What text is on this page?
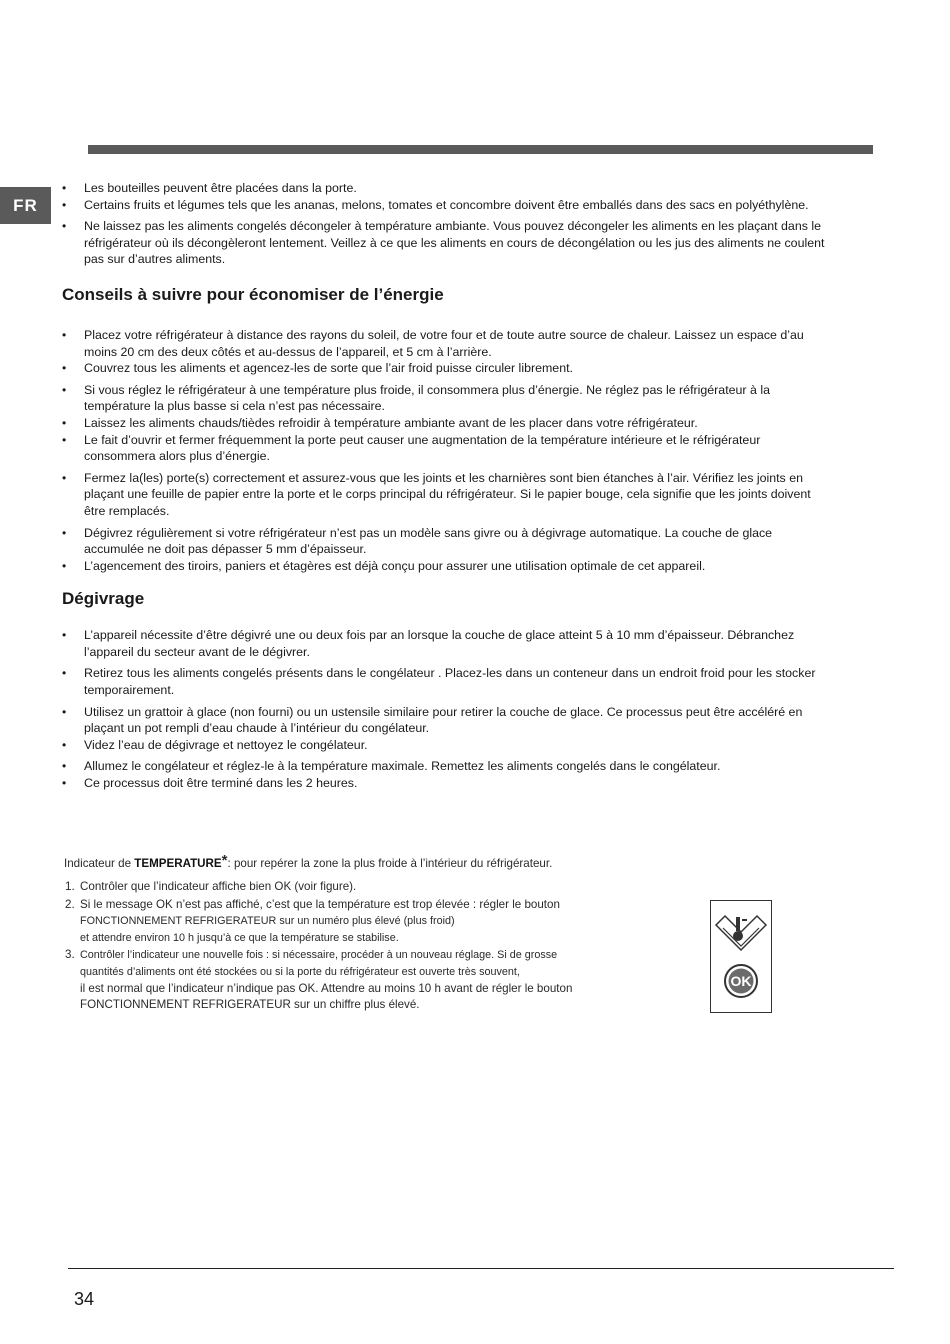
FR
• Les bouteilles peuvent être placées dans la porte.
• Certains fruits et légumes tels que les ananas, melons, tomates et concombre doivent être emballés dans des sacs en polyéthylène.
• Ne laissez pas les aliments congelés décongeler à température ambiante. Vous pouvez décongeler les aliments en les plaçant dans le réfrigérateur où ils décongèleront lentement. Veillez à ce que les aliments en cours de décongélation ou les jus des aliments ne coulent pas sur d’autres aliments.
Conseils à suivre pour économiser de l’énergie
• Placez votre réfrigérateur à distance des rayons du soleil, de votre four et de toute autre source de chaleur. Laissez un espace d’au moins 20 cm des deux côtés et au-dessus de l’appareil, et 5 cm à l’arrière.
• Couvrez tous les aliments et agencez-les de sorte que l’air froid puisse circuler librement.
• Si vous réglez le réfrigérateur à une température plus froide, il consommera plus d’énergie. Ne réglez pas le réfrigérateur à la température la plus basse si cela n’est pas nécessaire.
• Laissez les aliments chauds/tièdes refroidir à température ambiante avant de les placer dans votre réfrigérateur.
• Le fait d’ouvrir et fermer fréquemment la porte peut causer une augmentation de la température intérieure et le réfrigérateur consommera alors plus d’énergie.
• Fermez la(les) porte(s) correctement et assurez-vous que les joints et les charnières sont bien étanches à l’air. Vérifiez les joints en plaçant une feuille de papier entre la porte et le corps principal du réfrigérateur. Si le papier bouge, cela signifie que les joints doivent être remplacés.
• Dégivrez régulièrement si votre réfrigérateur n’est pas un modèle sans givre ou à dégivrage automatique. La couche de glace accumulée ne doit pas dépasser 5 mm d’épaisseur.
• L’agencement des tiroirs, paniers et étagères est déjà conçu pour assurer une utilisation optimale de cet appareil.
Dégivrage
• L’appareil nécessite d’être dégivré une ou deux fois par an lorsque la couche de glace atteint 5 à 10 mm d’épaisseur. Débranchez l’appareil du secteur avant de le dégivrer.
• Retirez tous les aliments congelés présents dans le congélateur . Placez-les dans un conteneur dans un endroit froid pour les stocker temporairement.
• Utilisez un grattoir à glace (non fourni) ou un ustensile similaire pour retirer la couche de glace. Ce processus peut être accéléré en plaçant un pot rempli d’eau chaude à l’intérieur du congélateur.
• Videz l’eau de dégivrage et nettoyez le congélateur.
• Allumez le congélateur et réglez-le à la température maximale. Remettez les aliments congelés dans le congélateur.
• Ce processus doit être terminé dans les 2 heures.

Indicateur de TEMPERATURE*: pour repérer la zone la plus froide à l’intérieur du réfrigérateur.

1. Contrôler que l’indicateur affiche bien OK (voir figure).
2. Si le message OK n’est pas affiché, c’est que la température est trop élevée : régler le bouton
FONCTIONNEMENT REFRIGERATEUR sur un numéro plus élevé (plus froid)
et attendre environ 10 h jusqu’à ce que la température se stabilise.
3. Contrôler l’indicateur une nouvelle fois : si nécessaire, procéder à un nouveau réglage. Si de grosse
quantités d’aliments ont été stockées ou si la porte du réfrigérateur est ouverte très souvent,
il est normal que l’indicateur n’indique pas OK. Attendre au moins 10 h avant de régler le bouton
FONCTIONNEMENT REFRIGERATEUR sur un chiffre plus élevé.
OK
34
